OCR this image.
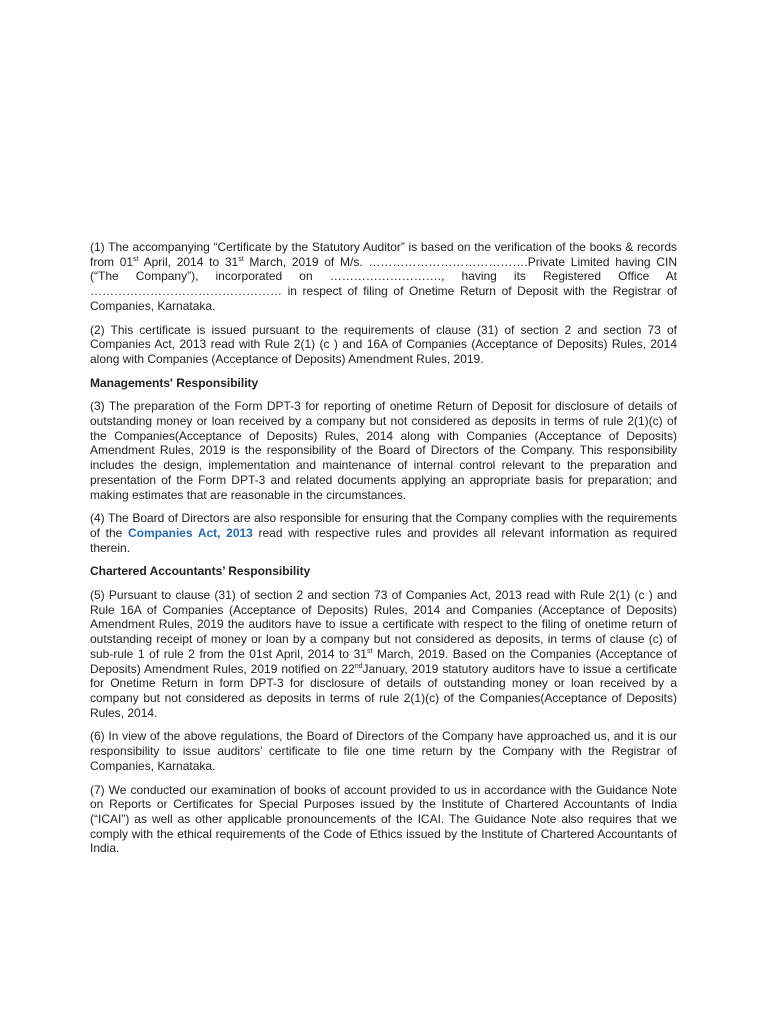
(1) The accompanying “Certificate by the Statutory Auditor” is based on the verification of the books & records from 01st April, 2014 to 31st March, 2019 of M/s. ………………………………….Private Limited having CIN (“The Company”), incorporated on ………………………., having its Registered Office At ………………………………………… in respect of filing of Onetime Return of Deposit with the Registrar of Companies, Karnataka.

(2) This certificate is issued pursuant to the requirements of clause (31) of section 2 and section 73 of Companies Act, 2013 read with Rule 2(1) (c ) and 16A of Companies (Acceptance of Deposits) Rules, 2014 along with Companies (Acceptance of Deposits) Amendment Rules, 2019.

Managements' Responsibility

(3) The preparation of the Form DPT-3 for reporting of onetime Return of Deposit for disclosure of details of outstanding money or loan received by a company but not considered as deposits in terms of rule 2(1)(c) of the Companies(Acceptance of Deposits) Rules, 2014 along with Companies (Acceptance of Deposits) Amendment Rules, 2019 is the responsibility of the Board of Directors of the Company. This responsibility includes the design, implementation and maintenance of internal control relevant to the preparation and presentation of the Form DPT-3 and related documents applying an appropriate basis for preparation; and making estimates that are reasonable in the circumstances.

(4) The Board of Directors are also responsible for ensuring that the Company complies with the requirements of the Companies Act, 2013 read with respective rules and provides all relevant information as required therein.

Chartered Accountants’ Responsibility

(5) Pursuant to clause (31) of section 2 and section 73 of Companies Act, 2013 read with Rule 2(1) (c ) and Rule 16A of Companies (Acceptance of Deposits) Rules, 2014 and Companies (Acceptance of Deposits) Amendment Rules, 2019 the auditors have to issue a certificate with respect to the filing of onetime return of outstanding receipt of money or loan by a company but not considered as deposits, in terms of clause (c) of sub-rule 1 of rule 2 from the 01st April, 2014 to 31st March, 2019. Based on the Companies (Acceptance of Deposits) Amendment Rules, 2019 notified on 22ndJanuary, 2019 statutory auditors have to issue a certificate for Onetime Return in form DPT-3 for disclosure of details of outstanding money or loan received by a company but not considered as deposits in terms of rule 2(1)(c) of the Companies(Acceptance of Deposits) Rules, 2014.

(6) In view of the above regulations, the Board of Directors of the Company have approached us, and it is our responsibility to issue auditors’ certificate to file one time return by the Company with the Registrar of Companies, Karnataka.

(7) We conducted our examination of books of account provided to us in accordance with the Guidance Note on Reports or Certificates for Special Purposes issued by the Institute of Chartered Accountants of India (“ICAI”) as well as other applicable pronouncements of the ICAI. The Guidance Note also requires that we comply with the ethical requirements of the Code of Ethics issued by the Institute of Chartered Accountants of India.
